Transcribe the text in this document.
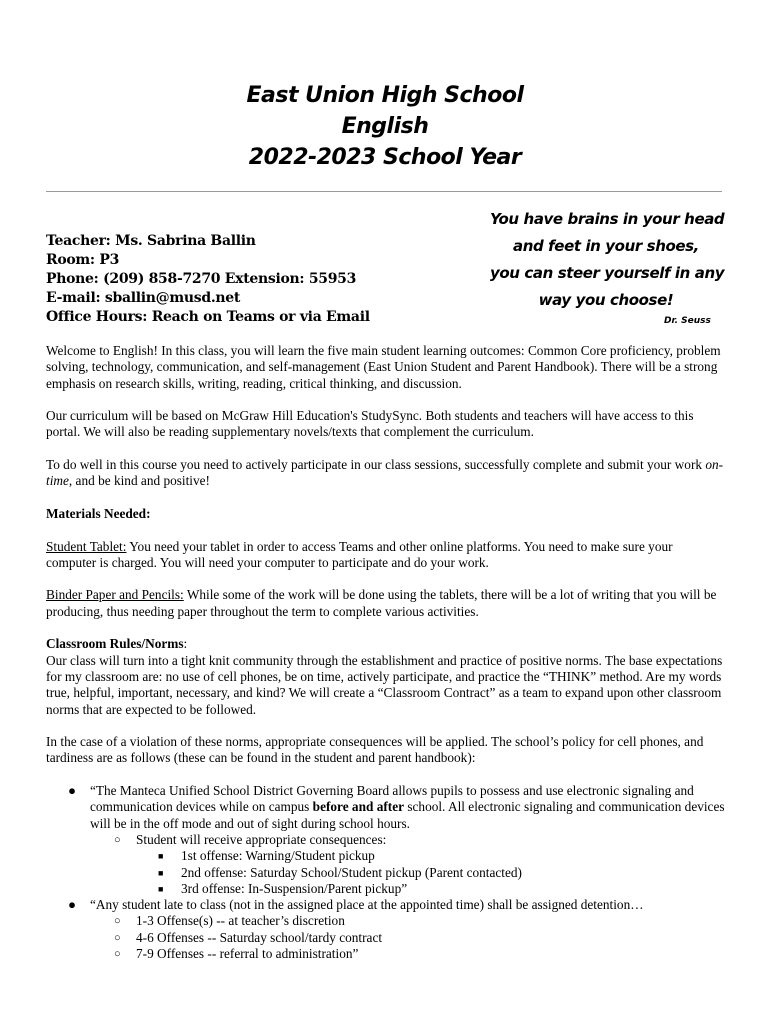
East Union High School
English
2022-2023 School Year
Teacher: Ms. Sabrina Ballin
Room: P3
Phone: (209) 858-7270 Extension: 55953
E-mail: sballin@musd.net
Office Hours: Reach on Teams or via Email
You have brains in your head
and feet in your shoes,
you can steer yourself in any
way you choose!
Dr. Seuss

Welcome to English! In this class, you will learn the five main student learning outcomes: Common Core proficiency, problem solving, technology, communication, and self-management (East Union Student and Parent Handbook). There will be a strong emphasis on research skills, writing, reading, critical thinking, and discussion.

Our curriculum will be based on McGraw Hill Education's StudySync. Both students and teachers will have access to this portal. We will also be reading supplementary novels/texts that complement the curriculum.

To do well in this course you need to actively participate in our class sessions, successfully complete and submit your work on-time, and be kind and positive!

Materials Needed:

Student Tablet: You need your tablet in order to access Teams and other online platforms. You need to make sure your computer is charged. You will need your computer to participate and do your work.

Binder Paper and Pencils: While some of the work will be done using the tablets, there will be a lot of writing that you will be producing, thus needing paper throughout the term to complete various activities.

Classroom Rules/Norms:
Our class will turn into a tight knit community through the establishment and practice of positive norms. The base expectations for my classroom are: no use of cell phones, be on time, actively participate, and practice the “THINK” method. Are my words true, helpful, important, necessary, and kind? We will create a “Classroom Contract” as a team to expand upon other classroom norms that are expected to be followed.

In the case of a violation of these norms, appropriate consequences will be applied. The school’s policy for cell phones, and tardiness are as follows (these can be found in the student and parent handbook):

● “The Manteca Unified School District Governing Board allows pupils to possess and use electronic signaling and communication devices while on campus before and after school. All electronic signaling and communication devices will be in the off mode and out of sight during school hours.
○ Student will receive appropriate consequences:
■ 1st offense: Warning/Student pickup
■ 2nd offense: Saturday School/Student pickup (Parent contacted)
■ 3rd offense: In-Suspension/Parent pickup”
● “Any student late to class (not in the assigned place at the appointed time) shall be assigned detention…
○ 1-3 Offense(s) -- at teacher’s discretion
○ 4-6 Offenses -- Saturday school/tardy contract
○ 7-9 Offenses -- referral to administration”
